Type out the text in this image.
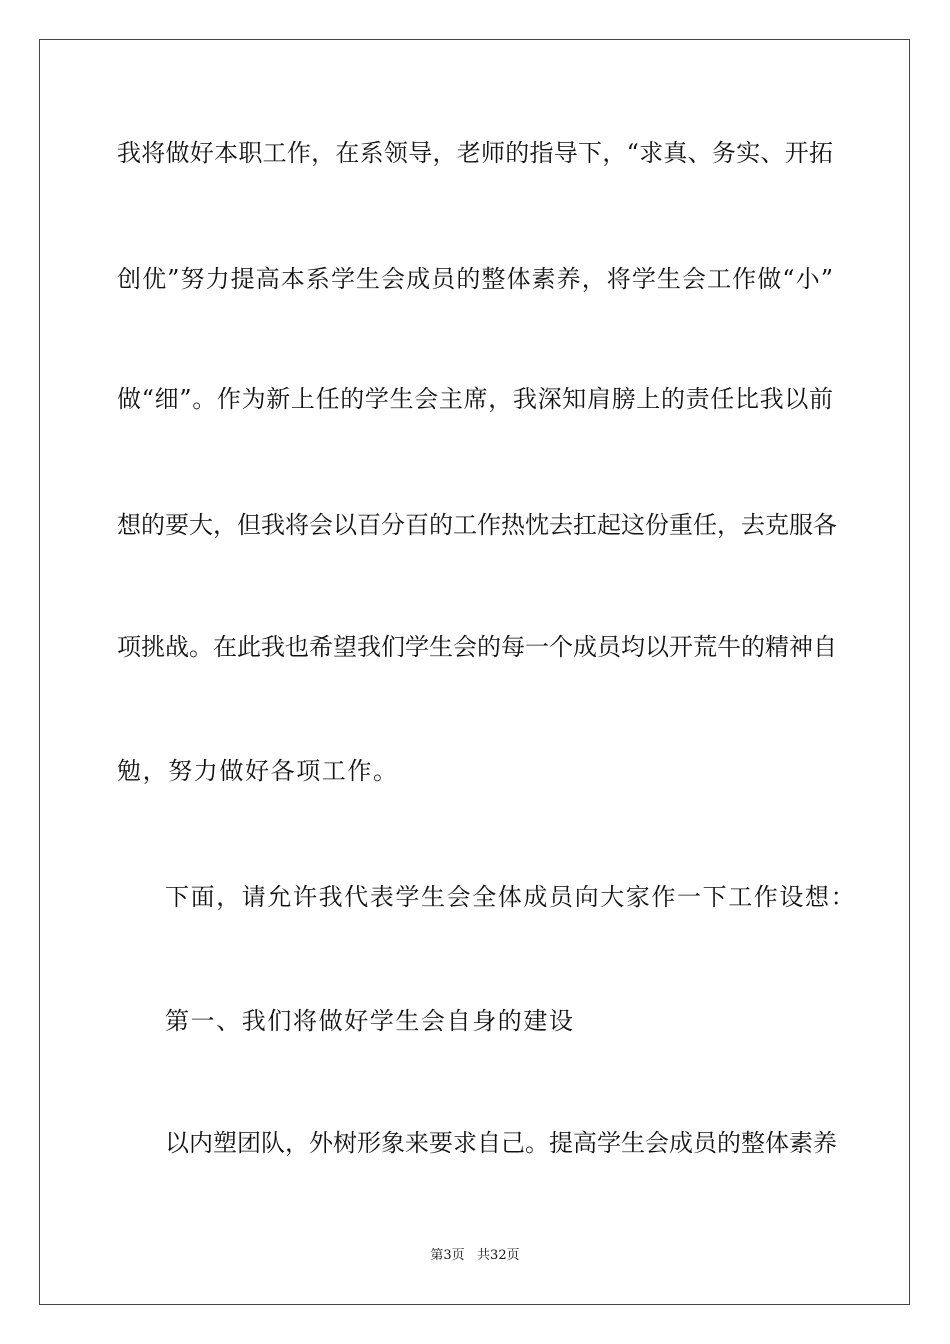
我将做好本职工作，在系领导，老师的指导下，“求真、务实、开拓
创优”努力提高本系学生会成员的整体素养，将学生会工作做“小”
做“细”。作为新上任的学生会主席，我深知肩膀上的责任比我以前
想的要大，但我将会以百分百的工作热忱去扛起这份重任，去克服各
项挑战。在此我也希望我们学生会的每一个成员均以开荒牛的精神自
勉，努力做好各项工作。
下面，请允许我代表学生会全体成员向大家作一下工作设想：
第一、我们将做好学生会自身的建设
以内塑团队，外树形象来要求自己。提高学生会成员的整体素养
第3页   共32页
